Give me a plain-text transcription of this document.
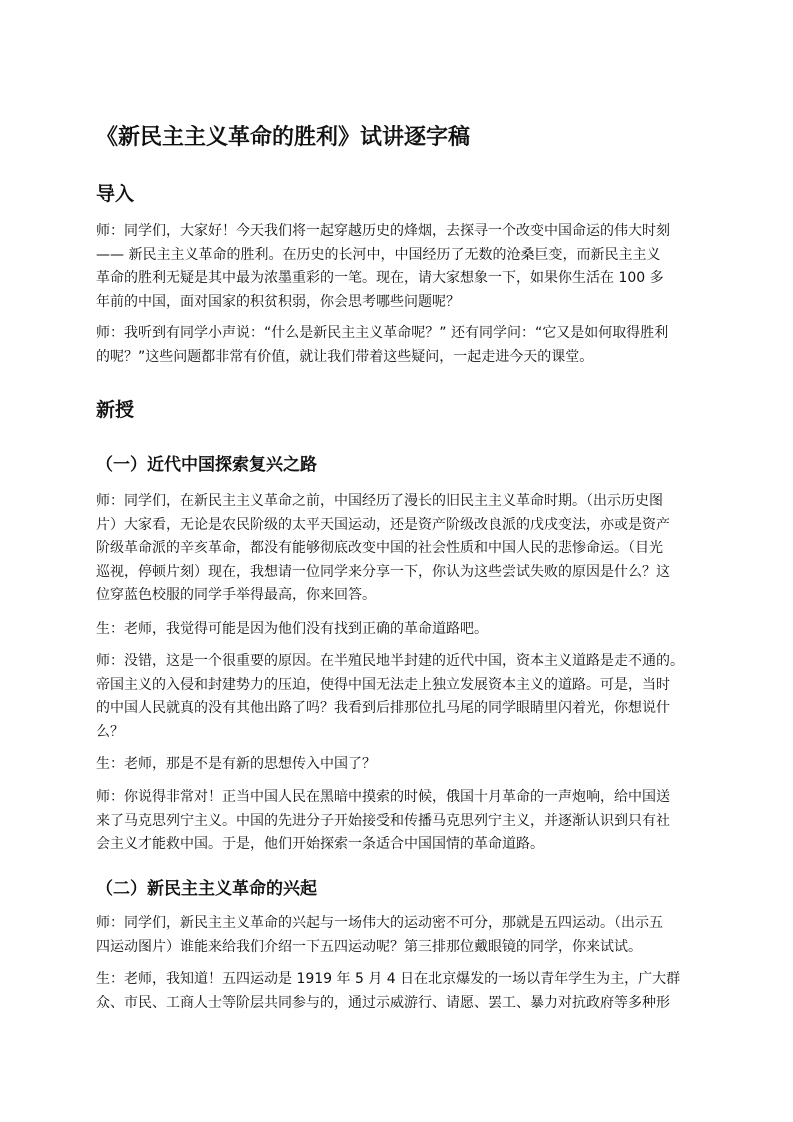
《新民主主义革命的胜利》试讲逐字稿
导入
师：同学们，大家好！今天我们将一起穿越历史的烽烟，去探寻一个改变中国命运的伟大时刻
—— 新民主主义革命的胜利。在历史的长河中，中国经历了无数的沧桑巨变，而新民主主义
革命的胜利无疑是其中最为浓墨重彩的一笔。现在，请大家想象一下，如果你生活在 100 多
年前的中国，面对国家的积贫积弱，你会思考哪些问题呢？
师：我听到有同学小声说：“什么是新民主主义革命呢？” 还有同学问：“它又是如何取得胜利
的呢？”这些问题都非常有价值，就让我们带着这些疑问，一起走进今天的课堂。
新授
（一）近代中国探索复兴之路
师：同学们，在新民主主义革命之前，中国经历了漫长的旧民主主义革命时期。（出示历史图
片）大家看，无论是农民阶级的太平天国运动，还是资产阶级改良派的戊戌变法，亦或是资产
阶级革命派的辛亥革命，都没有能够彻底改变中国的社会性质和中国人民的悲惨命运。（目光
巡视，停顿片刻）现在，我想请一位同学来分享一下，你认为这些尝试失败的原因是什么？这
位穿蓝色校服的同学手举得最高，你来回答。
生：老师，我觉得可能是因为他们没有找到正确的革命道路吧。
师：没错，这是一个很重要的原因。在半殖民地半封建的近代中国，资本主义道路是走不通的。
帝国主义的入侵和封建势力的压迫，使得中国无法走上独立发展资本主义的道路。可是，当时
的中国人民就真的没有其他出路了吗？我看到后排那位扎马尾的同学眼睛里闪着光，你想说什
么？
生：老师，那是不是有新的思想传入中国了？
师：你说得非常对！正当中国人民在黑暗中摸索的时候，俄国十月革命的一声炮响，给中国送
来了马克思列宁主义。中国的先进分子开始接受和传播马克思列宁主义，并逐渐认识到只有社
会主义才能救中国。于是，他们开始探索一条适合中国国情的革命道路。
（二）新民主主义革命的兴起
师：同学们，新民主主义革命的兴起与一场伟大的运动密不可分，那就是五四运动。（出示五
四运动图片）谁能来给我们介绍一下五四运动呢？第三排那位戴眼镜的同学，你来试试。
生：老师，我知道！五四运动是 1919 年 5 月 4 日在北京爆发的一场以青年学生为主，广大群
众、市民、工商人士等阶层共同参与的，通过示威游行、请愿、罢工、暴力对抗政府等多种形
